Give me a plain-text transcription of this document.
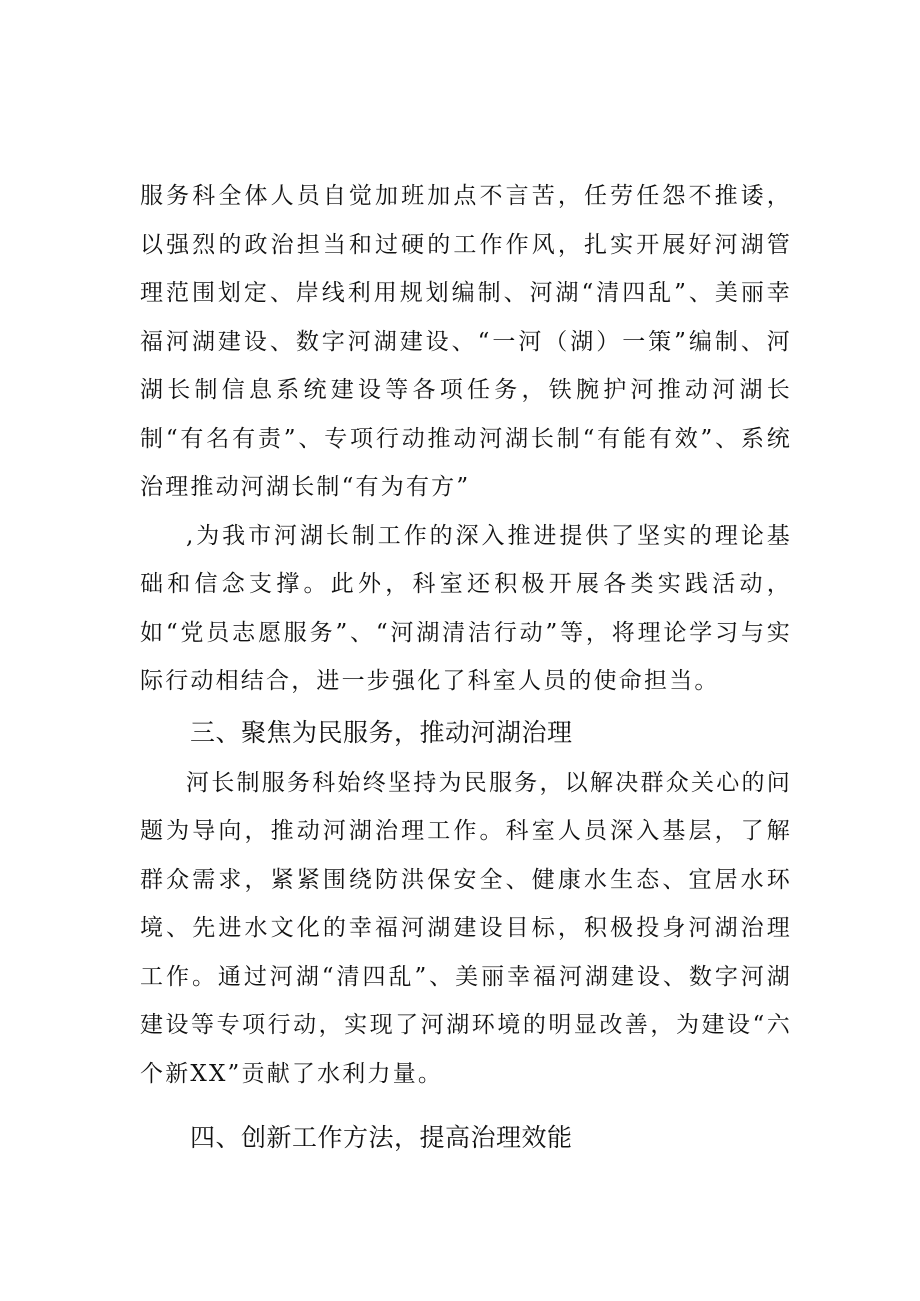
服务科全体人员自觉加班加点不言苦，任劳任怨不推诿，以强烈的政治担当和过硬的工作作风，扎实开展好河湖管理范围划定、岸线利用规划编制、河湖“清四乱”、美丽幸福河湖建设、数字河湖建设、“一河（湖）一策”编制、河湖长制信息系统建设等各项任务，铁腕护河推动河湖长制“有名有责”、专项行动推动河湖长制“有能有效”、系统治理推动河湖长制“有为有方”

,为我市河湖长制工作的深入推进提供了坚实的理论基础和信念支撑。此外，科室还积极开展各类实践活动，如“党员志愿服务”、“河湖清洁行动”等，将理论学习与实际行动相结合，进一步强化了科室人员的使命担当。

三、聚焦为民服务，推动河湖治理

河长制服务科始终坚持为民服务，以解决群众关心的问题为导向，推动河湖治理工作。科室人员深入基层，了解群众需求，紧紧围绕防洪保安全、健康水生态、宜居水环境、先进水文化的幸福河湖建设目标，积极投身河湖治理工作。通过河湖“清四乱”、美丽幸福河湖建设、数字河湖建设等专项行动，实现了河湖环境的明显改善，为建设“六个新XX”贡献了水利力量。

四、创新工作方法，提高治理效能
